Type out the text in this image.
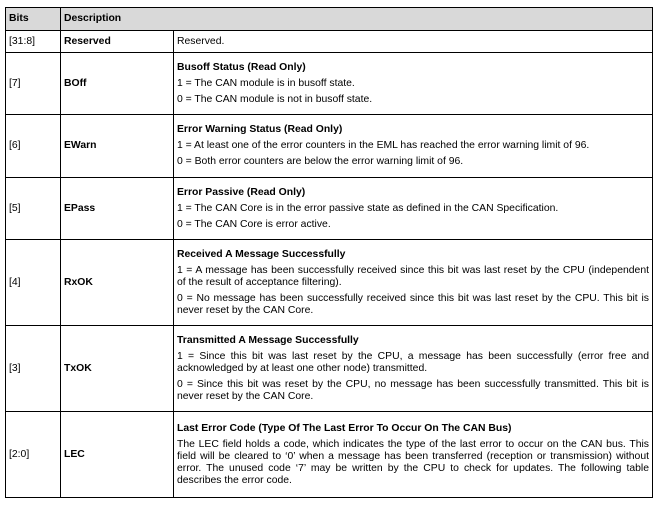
Bits	Description	
[31:8]	Reserved	Reserved.

[7]	BOff	Busoff Status (Read Only)
1 = The CAN module is in busoff state.
0 = The CAN module is not in busoff state.

[6]	EWarn	Error Warning Status (Read Only)
1 = At least one of the error counters in the EML has reached the error warning limit of 96.
0 = Both error counters are below the error warning limit of 96.

[5]	EPass	Error Passive (Read Only)
1 = The CAN Core is in the error passive state as defined in the CAN Specification.
0 = The CAN Core is error active.

[4]	RxOK	Received A Message Successfully
1 = A message has been successfully received since this bit was last reset by the CPU (independent of the result of acceptance filtering).
0 = No message has been successfully received since this bit was last reset by the CPU. This bit is never reset by the CAN Core.

[3]	TxOK	Transmitted A Message Successfully
1 = Since this bit was last reset by the CPU, a message has been successfully (error free and acknowledged by at least one other node) transmitted.
0 = Since this bit was reset by the CPU, no message has been successfully transmitted. This bit is never reset by the CAN Core.

[2:0]	LEC	Last Error Code (Type Of The Last Error To Occur On The CAN Bus)
The LEC field holds a code, which indicates the type of the last error to occur on the CAN bus. This field will be cleared to ‘0’ when a message has been transferred (reception or transmission) without error. The unused code ‘7’ may be written by the CPU to check for updates. The following table describes the error code.
